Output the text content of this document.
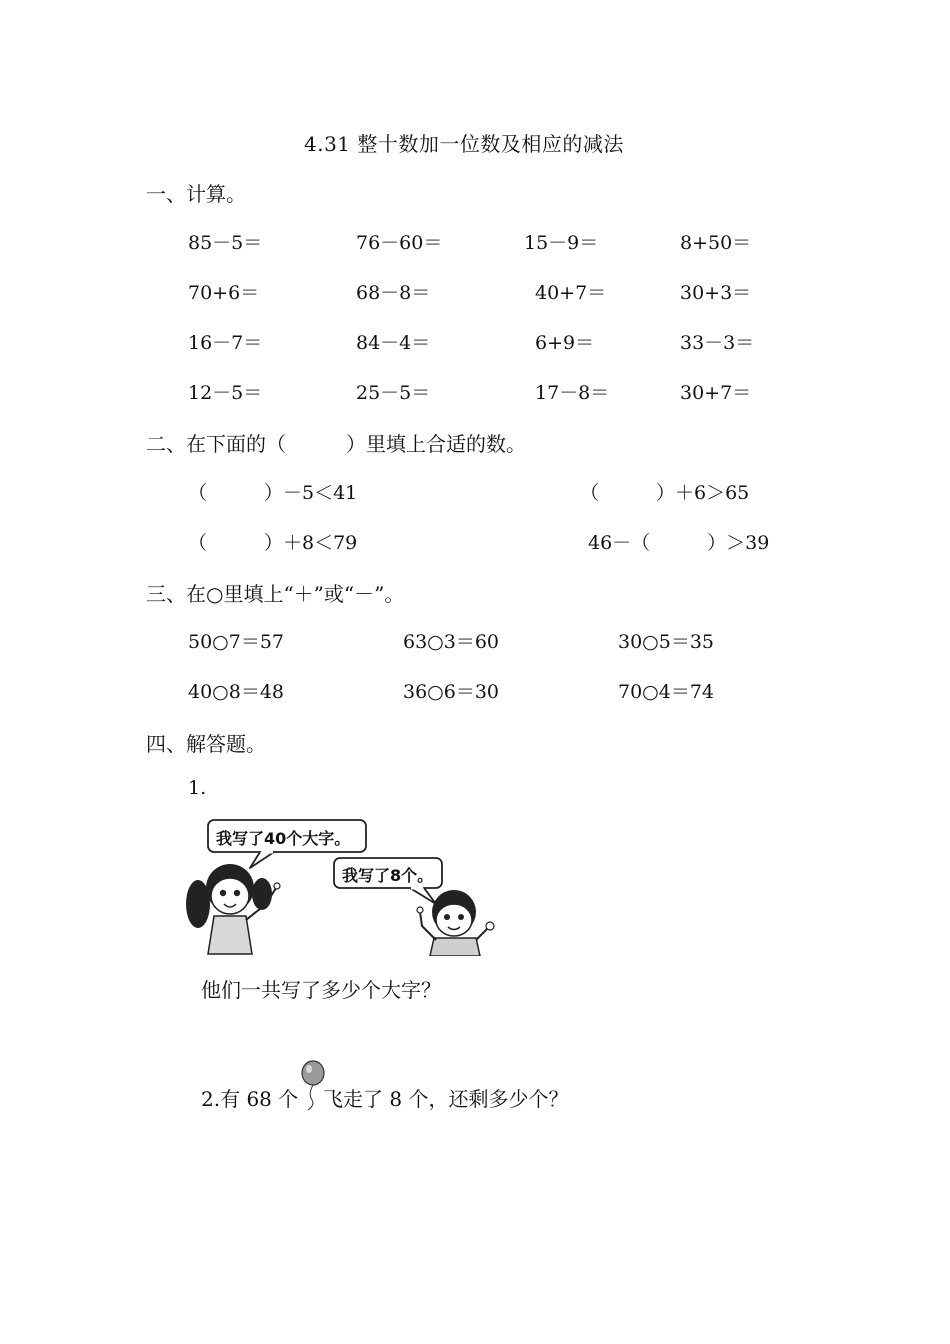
4.31 整十数加一位数及相应的减法
一、计算。
85－5＝	76－60＝	15－9＝	8+50＝
70+6＝	68－8＝	40+7＝	30+3＝
16－7＝	84－4＝	6+9＝	33－3＝
12－5＝	25－5＝	17－8＝	30+7＝
二、在下面的（　　　）里填上合适的数。
（　　　）－5＜41	（　　　）＋6＞65
（　　　）＋8＜79	46－（　　　）＞39
三、在○里填上“＋”或“－”。
50○7＝57	63○3＝60	30○5＝35
40○8＝48	36○6＝30	70○4＝74
四、解答题。
1.
我写了40个大字。
我写了8个。
他们一共写了多少个大字？
2.有 68 个 飞走了 8 个，还剩多少个？
